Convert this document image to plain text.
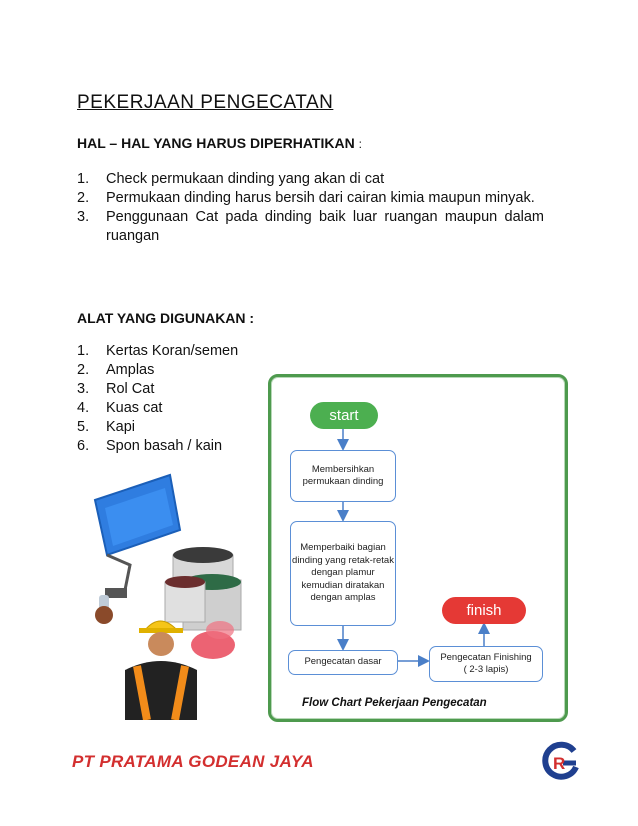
PEKERJAAN PENGECATAN
HAL – HAL YANG HARUS DIPERHATIKAN :
1.	Check permukaan dinding yang akan di cat
2.	Permukaan dinding harus bersih dari cairan kimia maupun minyak.
3.	Penggunaan Cat pada dinding baik luar ruangan maupun dalam ruangan
ALAT YANG DIGUNAKAN :
1.	Kertas Koran/semen
2.	Amplas
3.	Rol Cat
4.	Kuas cat
5.	Kapi
6.	Spon basah / kain
start
Membersihkan permukaan dinding
Memperbaiki bagian dinding yang retak-retak dengan plamur kemudian diratakan dengan amplas
finish
Pengecatan dasar	Pengecatan Finishing
( 2-3 lapis)
Flow Chart Pekerjaan Pengecatan
PT PRATAMA GODEAN JAYA	R
